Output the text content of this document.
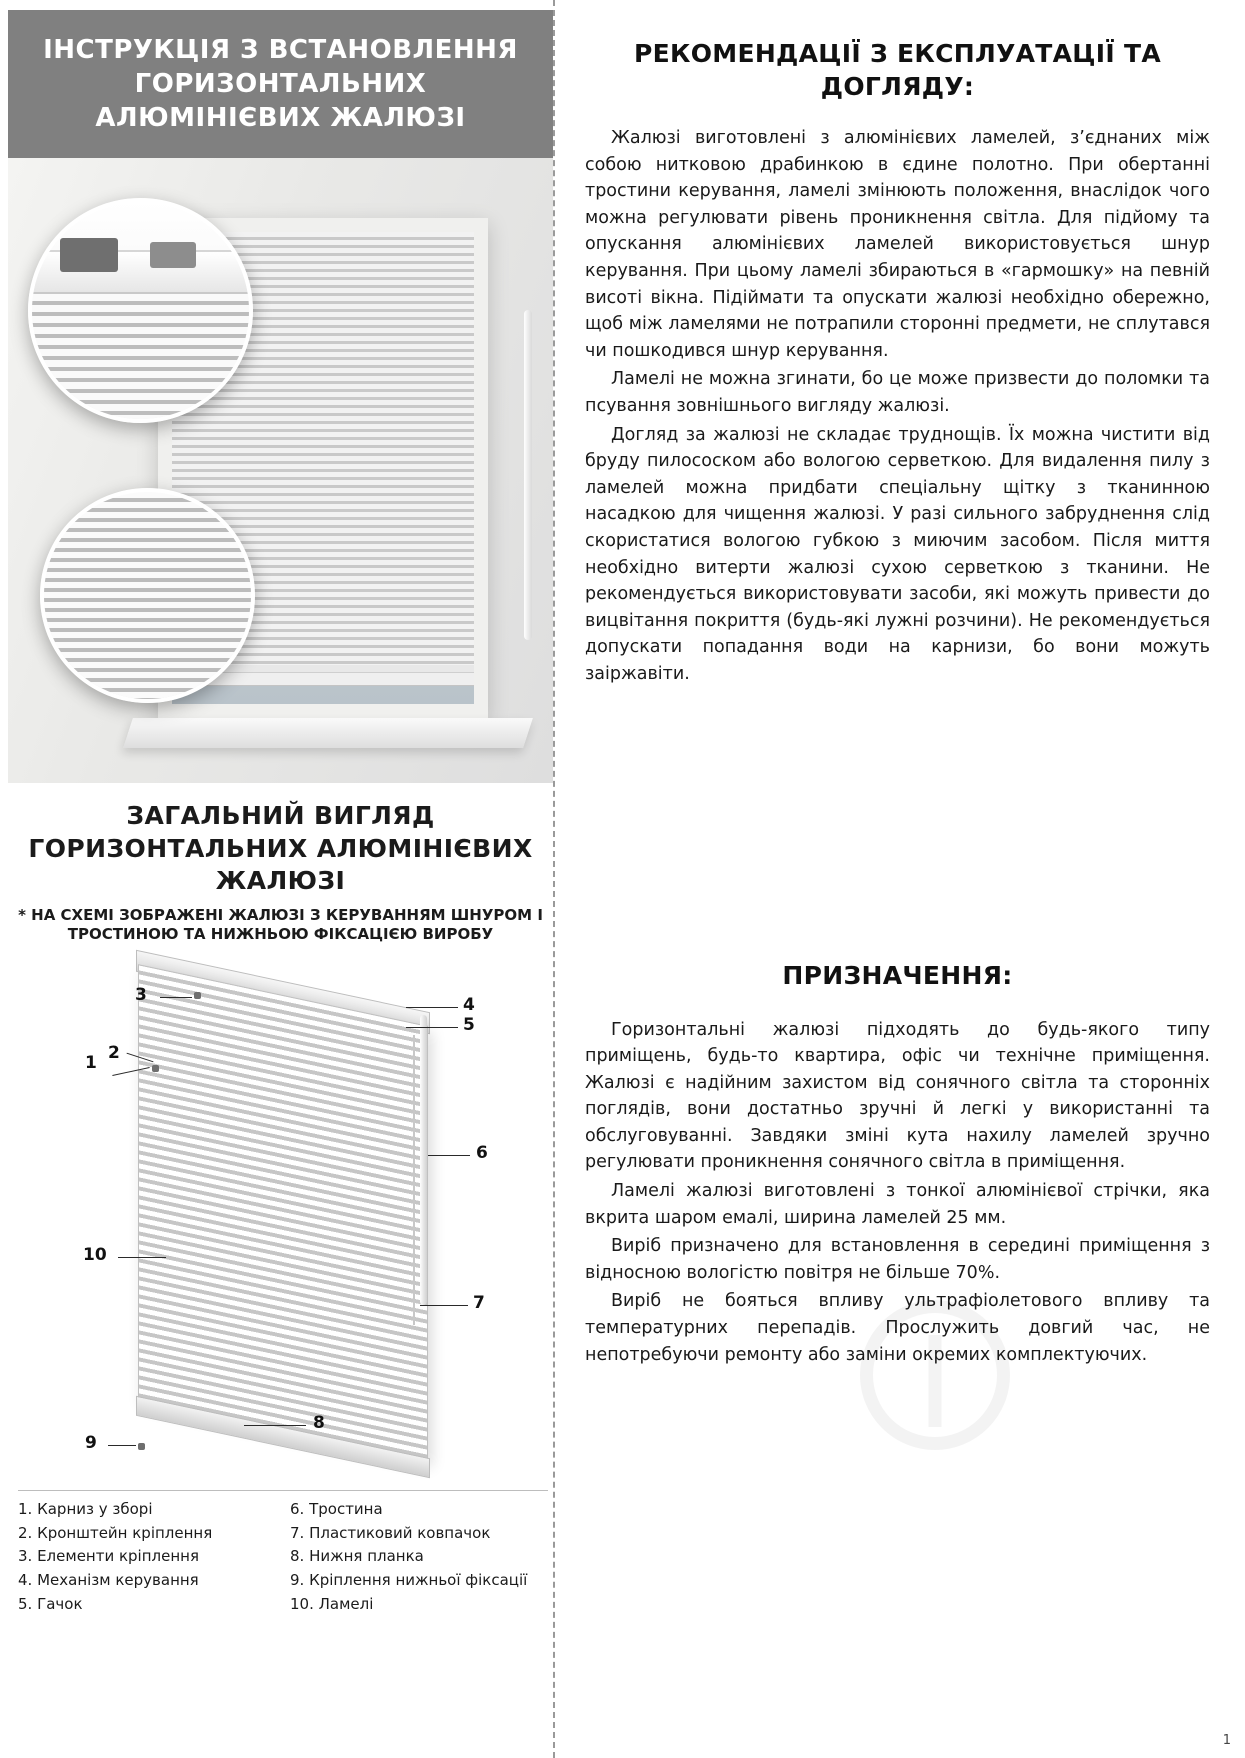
ІНСТРУКЦІЯ З ВСТАНОВЛЕННЯ ГОРИЗОНТАЛЬНИХ АЛЮМІНІЄВИХ ЖАЛЮЗІ
ЗАГАЛЬНИЙ ВИГЛЯД ГОРИЗОНТАЛЬНИХ АЛЮМІНІЄВИХ ЖАЛЮЗІ
* НА СХЕМІ ЗОБРАЖЕНІ ЖАЛЮЗІ З КЕРУВАННЯМ ШНУРОМ І ТРОСТИНОЮ ТА НИЖНЬОЮ ФІКСАЦІЄЮ ВИРОБУ
3	4
5
1 2
6
7
10
8
9
1. Карниз у зборі	6. Тростина
2. Кронштейн кріплення	7. Пластиковий ковпачок
3. Елементи кріплення	8. Нижня планка
4. Механізм керування	9. Кріплення нижньої фіксації
5. Гачок	10. Ламелі
РЕКОМЕНДАЦІЇ З ЕКСПЛУАТАЦІЇ ТА ДОГЛЯДУ:

Жалюзі виготовлені з алюмінієвих ламелей, з’єднаних між собою нитковою драбинкою в єдине полотно. При обертанні тростини керування, ламелі змінюють положення, внаслідок чого можна регулювати рівень проникнення світла. Для підйому та опускання алюмінієвих ламелей використовується шнур керування. При цьому ламелі збираються в «гармошку» на певній висоті вікна. Підіймати та опускати жалюзі необхідно обережно, щоб між ламелями не потрапили сторонні предмети, не сплутався чи пошкодився шнур керування.

Ламелі не можна згинати, бо це може призвести до поломки та псування зовнішнього вигляду жалюзі.

Догляд за жалюзі не складає труднощів. Їх можна чистити від бруду пилососком або вологою серветкою. Для видалення пилу з ламелей можна придбати спеціальну щітку з тканинною насадкою для чищення жалюзі. У разі сильного забруднення слід скористатися вологою губкою з миючим засобом. Після миття необхідно витерти жалюзі сухою серветкою з тканини. Не рекомендується використовувати засоби, які можуть привести до вицвітання покриття (будь-які лужні розчини). Не рекомендується допускати попадання води на карнизи, бо вони можуть заіржавіти.

ПРИЗНАЧЕННЯ:

Горизонтальні жалюзі підходять до будь-якого типу приміщень, будь-то квартира, офіс чи технічне приміщення. Жалюзі є надійним захистом від сонячного світла та сторонніх поглядів, вони достатньо зручні й легкі у використанні та обслуговуванні. Завдяки зміні кута нахилу ламелей зручно регулювати проникнення сонячного світла в приміщення.

Ламелі жалюзі виготовлені з тонкої алюмінієвої стрічки, яка вкрита шаром емалі, ширина ламелей 25 мм.

Виріб призначено для встановлення в середині приміщення з відносною вологістю повітря не більше 70%.

Виріб не бояться впливу ультрафіолетового впливу та температурних перепадів. Прослужить довгий час, не непотребуючи ремонту або заміни окремих комплектуючих.

1
